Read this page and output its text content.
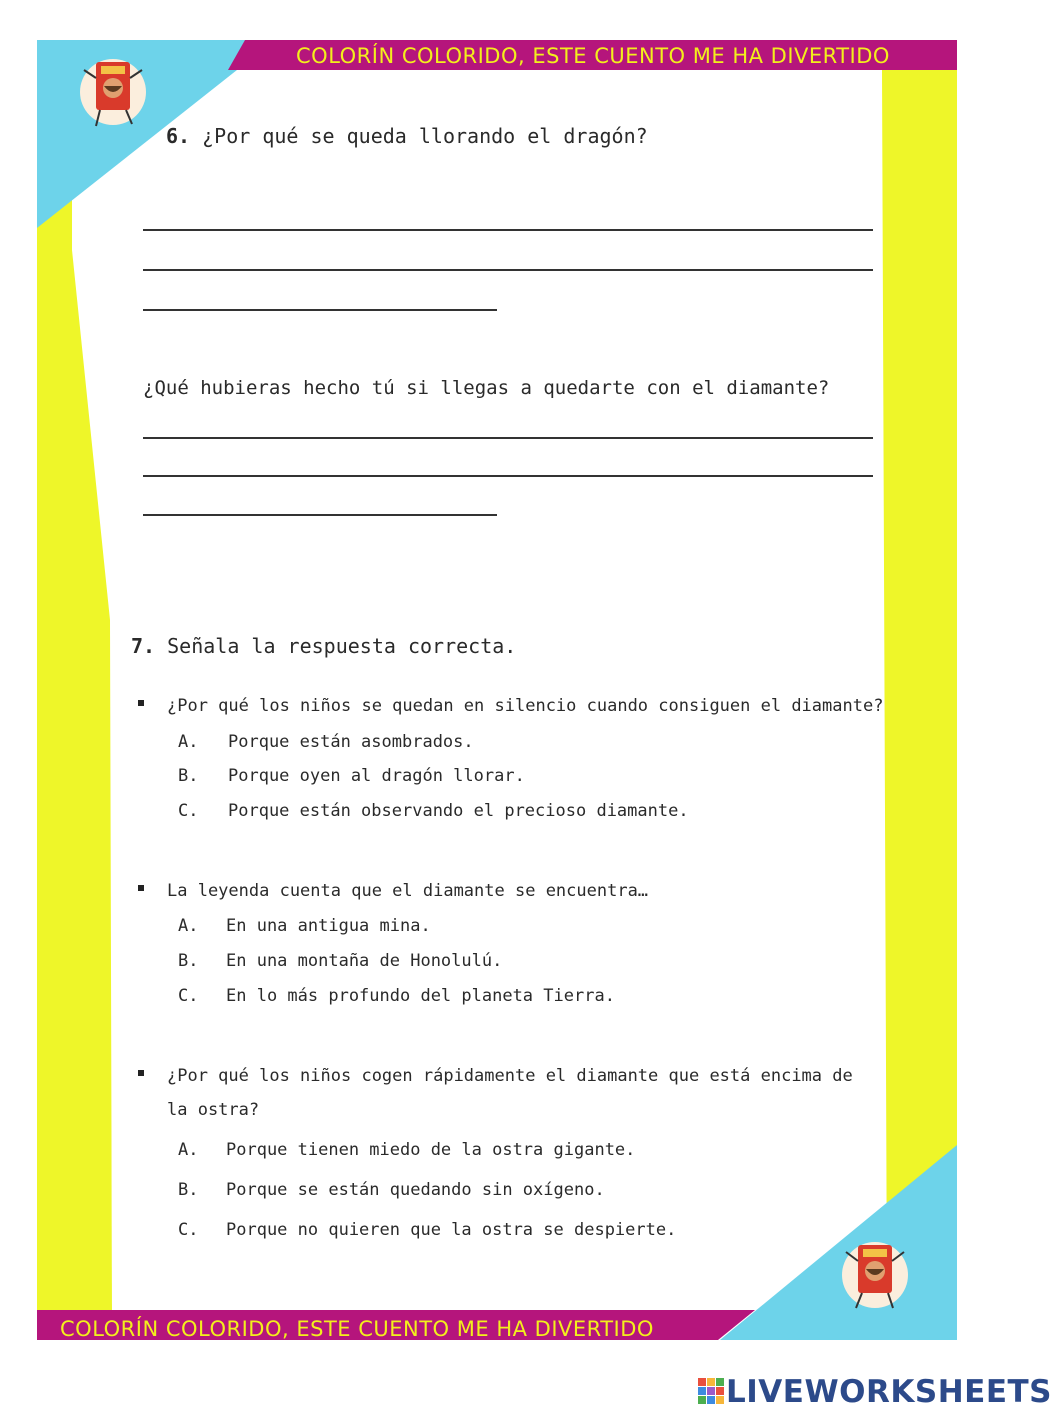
COLORÍN COLORIDO, ESTE CUENTO ME HA DIVERTIDO
COLORÍN COLORIDO, ESTE CUENTO ME HA DIVERTIDO
6. ¿Por qué se queda llorando el dragón?
¿Qué hubieras hecho tú si llegas a quedarte con el diamante?
7. Señala la respuesta correcta.
¿Por qué los niños se quedan en silencio cuando consiguen el diamante?
A. Porque están asombrados.
B. Porque oyen al dragón llorar.
C. Porque están observando el precioso diamante.
La leyenda cuenta que el diamante se encuentra…
A. En una antigua mina.
B. En una montaña de Honolulú.
C. En lo más profundo del planeta Tierra.
¿Por qué los niños cogen rápidamente el diamante que está encima de
la ostra?
A. Porque tienen miedo de la ostra gigante.
B. Porque se están quedando sin oxígeno.
C. Porque no quieren que la ostra se despierte.
LIVEWORKSHEETS
